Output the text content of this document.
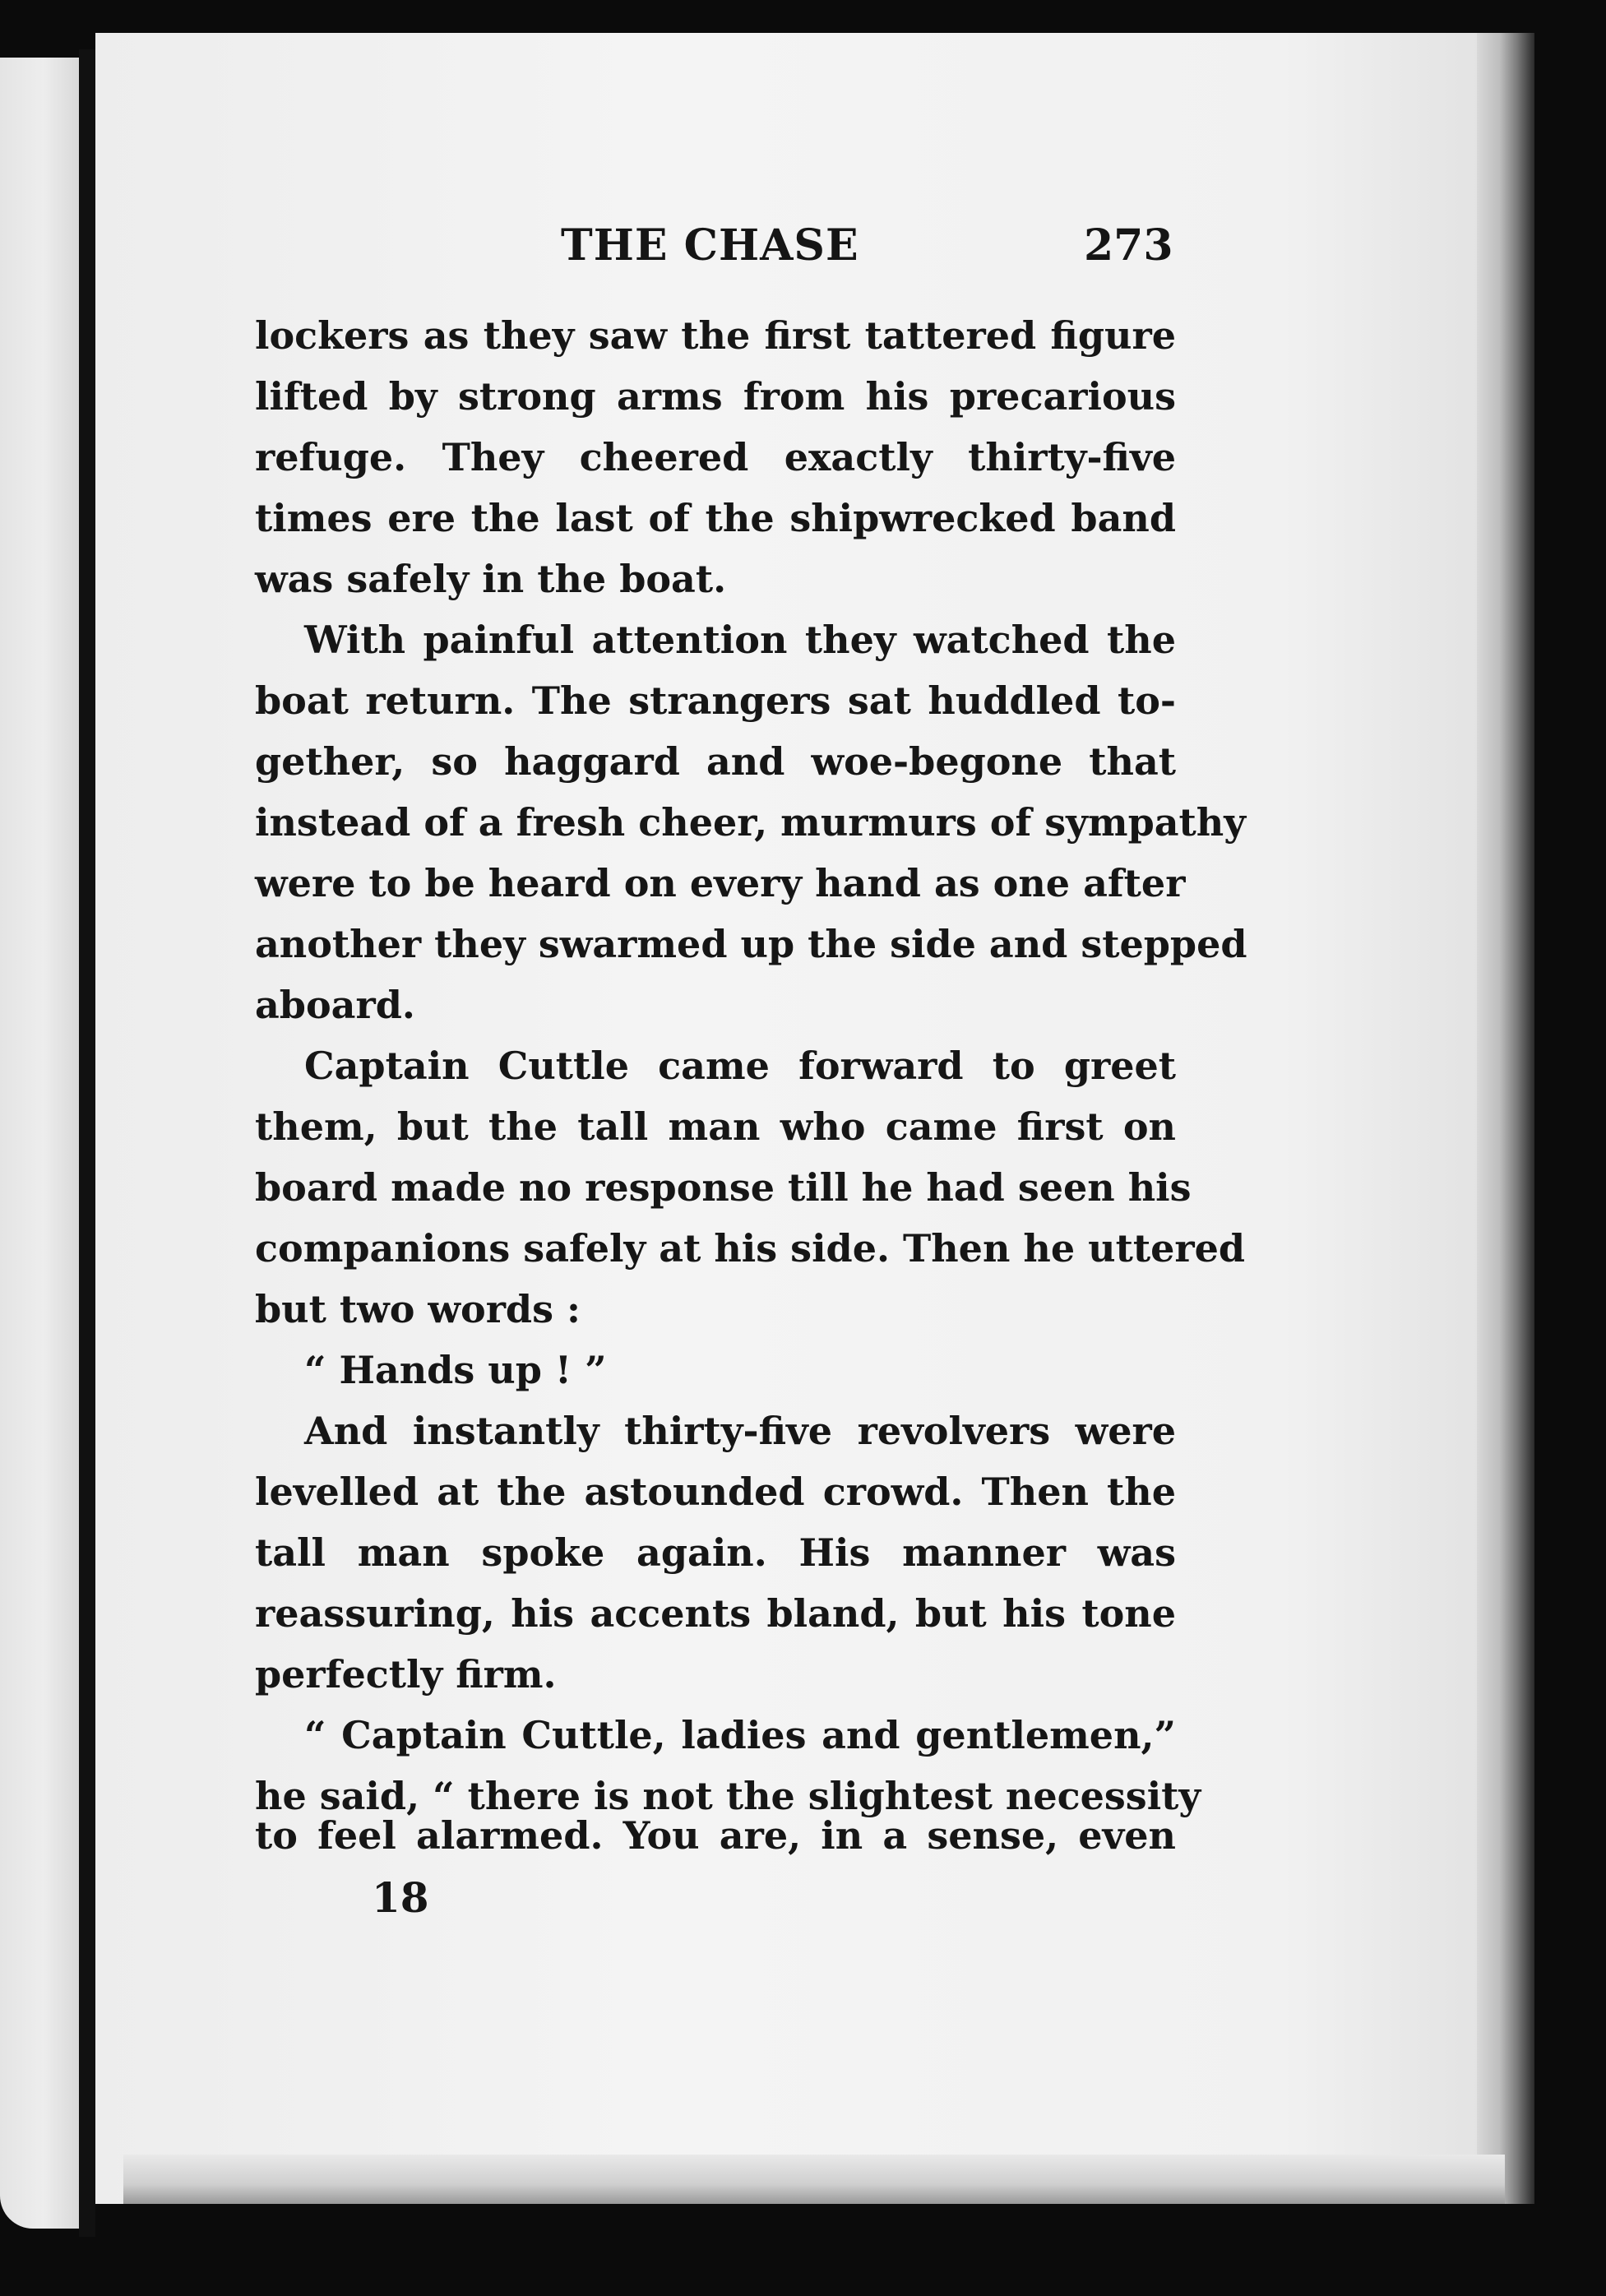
THE CHASE	273
lockers as they saw the first tattered figure
lifted by strong arms from his precarious
refuge. They cheered exactly thirty-five
times ere the last of the shipwrecked band
was safely in the boat.
With painful attention they watched the
boat return. The strangers sat huddled to-
gether, so haggard and woe-begone that
instead of a fresh cheer, murmurs of sympathy
were to be heard on every hand as one after
another they swarmed up the side and stepped
aboard.
Captain Cuttle came forward to greet
them, but the tall man who came first on
board made no response till he had seen his
companions safely at his side. Then he uttered
but two words :
“ Hands up ! ”
And instantly thirty-five revolvers were
levelled at the astounded crowd. Then the
tall man spoke again. His manner was
reassuring, his accents bland, but his tone
perfectly firm.
“ Captain Cuttle, ladies and gentlemen,”
he said, “ there is not the slightest necessity
to feel alarmed. You are, in a sense, even
18
